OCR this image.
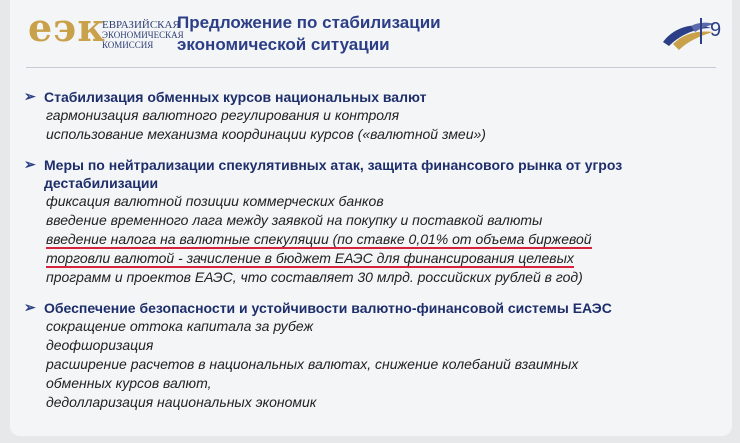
еэк
ЕВРАЗИЙСКАЯ
ЭКОНОМИЧЕСКАЯ
КОМИССИЯ
Предложение по стабилизации
экономической ситуации
9
➢ Стабилизация обменных курсов национальных валют
гармонизация валютного регулирования и контроля
использование механизма координации курсов («валютной змеи»)
➢ Меры по нейтрализации спекулятивных атак, защита финансового рынка от угроз
дестабилизации
фиксация валютной позиции коммерческих банков
введение временного лага между заявкой на покупку и поставкой валюты
введение налога на валютные спекуляции (по ставке 0,01% от объема биржевой
торговли валютой - зачисление в бюджет ЕАЭС для финансирования целевых
программ и проектов ЕАЭС, что составляет 30 млрд. российских рублей в год)
➢ Обеспечение безопасности и устойчивости валютно-финансовой системы ЕАЭС
сокращение оттока капитала за рубеж
деофшоризация
расширение расчетов в национальных валютах, снижение колебаний взаимных
обменных курсов валют,
дедолларизация национальных экономик
